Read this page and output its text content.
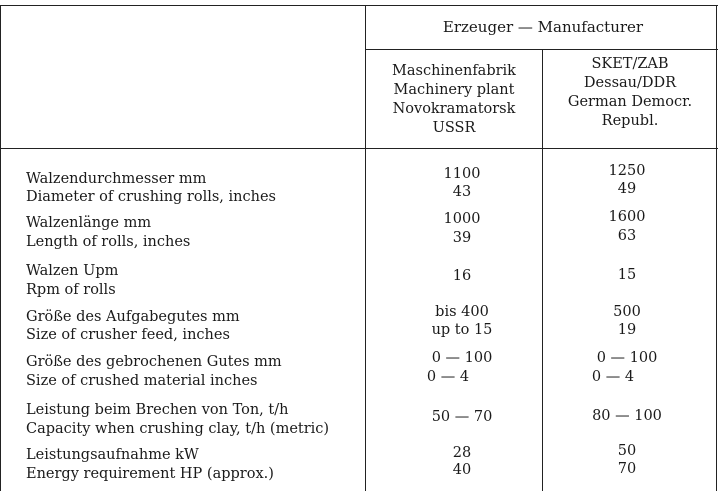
Erzeuger — Manufacturer
Maschinenfabrik
Machinery plant
Novokramatorsk
USSR
SKET/ZAB
Dessau/DDR
German Democr.
Republ.
Walzendurchmesser mm
Diameter of crushing rolls, inches
1100
43
1250
49
Walzenlänge mm
Length of rolls, inches
1000
39
1600
63
Walzen Upm
Rpm of rolls
16	15
Größe des Aufgabegutes mm
Size of crusher feed, inches
bis 400
up to 15
500
19
Größe des gebrochenen Gutes mm
Size of crushed material inches
0 — 100
0 — 4
0 — 100
0 — 4
Leistung beim Brechen von Ton, t/h
Capacity when crushing clay, t/h (metric)
50 — 70	80 — 100
Leistungsaufnahme kW
Energy requirement HP (approx.)
28
40
50
70
